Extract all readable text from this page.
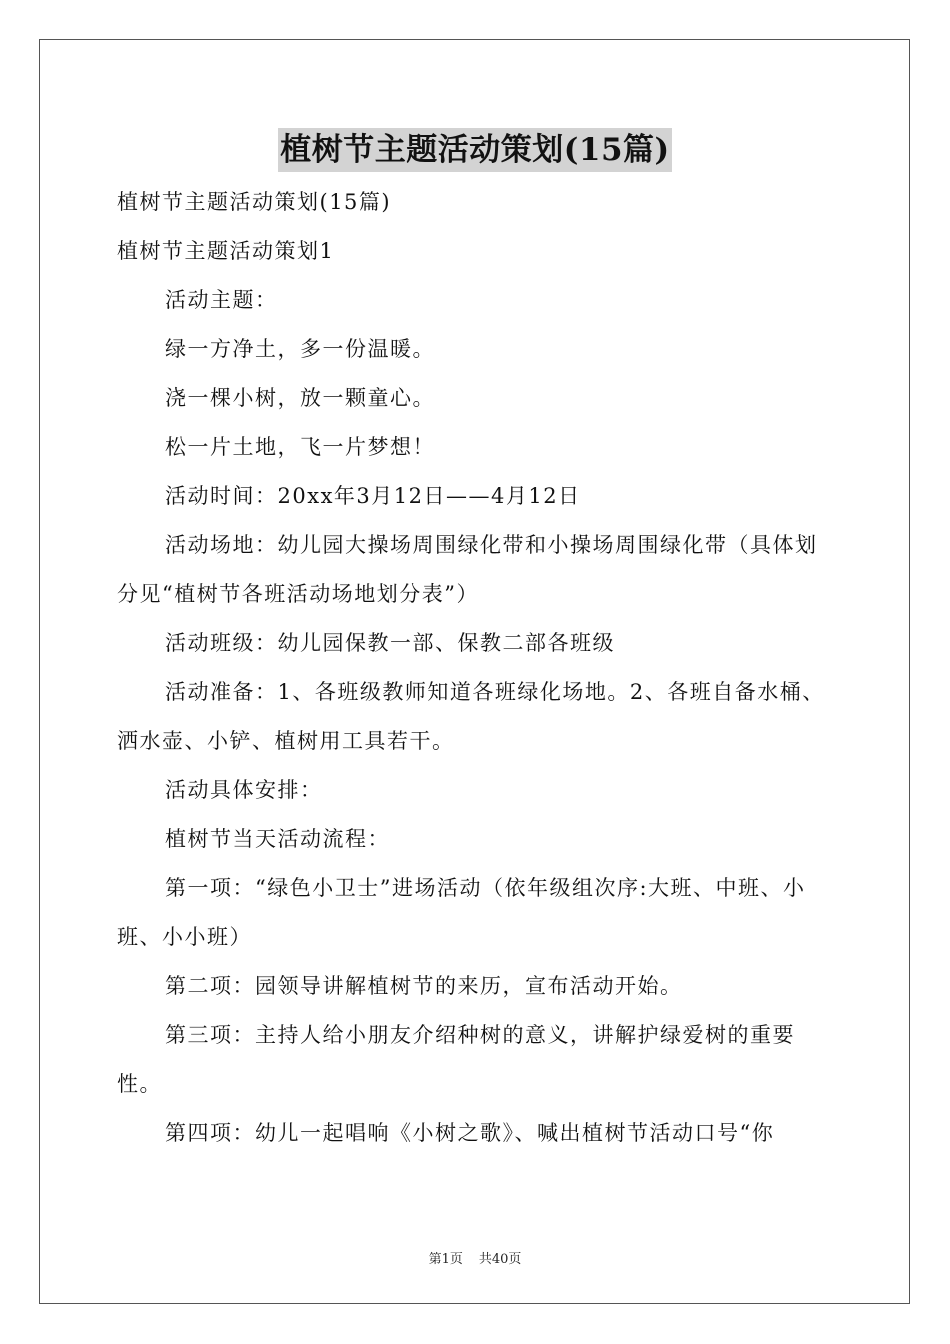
植树节主题活动策划(15篇)

植树节主题活动策划(15篇)

植树节主题活动策划1

活动主题：

绿一方净土，多一份温暖。

浇一棵小树，放一颗童心。

松一片土地，飞一片梦想！

活动时间：20xx年3月12日——4月12日

活动场地：幼儿园大操场周围绿化带和小操场周围绿化带（具体划分见“植树节各班活动场地划分表”）

活动班级：幼儿园保教一部、保教二部各班级

活动准备：1、各班级教师知道各班绿化场地。2、各班自备水桶、洒水壶、小铲、植树用工具若干。

活动具体安排：

植树节当天活动流程：

第一项：“绿色小卫士”进场活动（依年级组次序:大班、中班、小班、小小班）

第二项：园领导讲解植树节的来历，宣布活动开始。

第三项：主持人给小朋友介绍种树的意义，讲解护绿爱树的重要性。

第四项：幼儿一起唱响《小树之歌》、喊出植树节活动口号“你

第1页 共40页
